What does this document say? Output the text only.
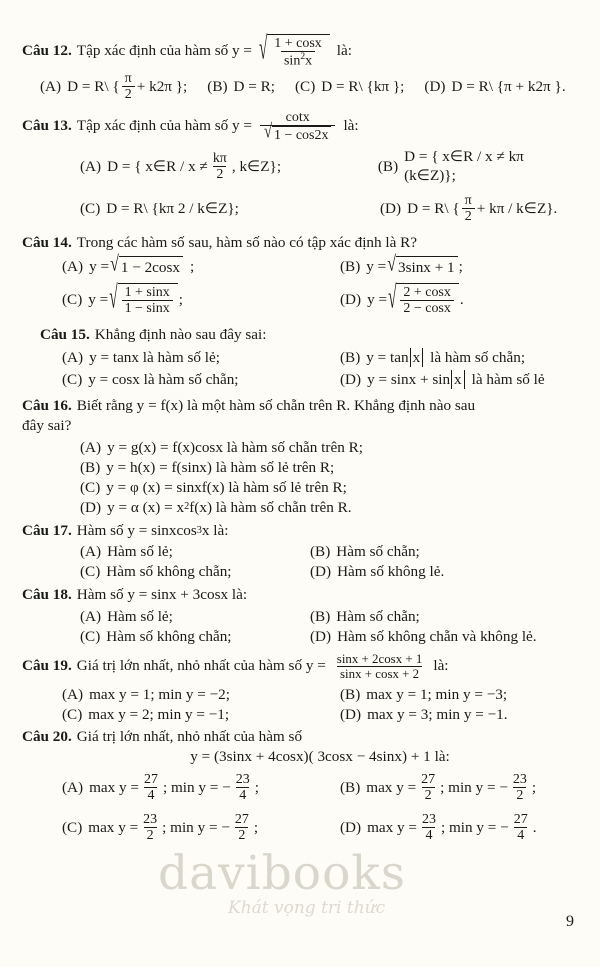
Câu 12. Tập xác định của hàm số y = √ $\frac{1 + \cos x}{\sin^2x}$ là:
(A) D = R\ { $\frac{\pi}{2} + k2\pi$ }; (B) D = R; (C) D = R\ {kπ }; (D) D = R\ {π + k2π }.
Câu 13. Tập xác định của hàm số $y = \frac{\cot x}{√ 1 - \cos 2x}$ là:
(A) D = { x∈R / $x \ne \frac{k\pi}{2}$ , k∈Z};	(B)
D = { x∈R / x ≠ kπ (k∈Z)};
(C) D = R\ {kπ 2 / k∈Z};	(D) D = R\ { $\frac{\pi}{2} + k\pi$ / k∈Z}.
Câu 14. Trong các hàm số sau, hàm số nào có tập xác định là R?
(A) y = √ 1 − 2cosx ;	(B) y = √ 3sinx + 1 ;
(C) y = √ $\frac{1 + \sin x}{1 - \sin x}$ ;	(D) y = √ $\frac{2 + \cos x}{2 - \cos x}$ .
Câu 15. Khẳng định nào sau đây sai:
(A) y = tanx là hàm số lẻ;	(B) y = tan x là hàm số chẵn;
(C) y = cosx là hàm số chẵn;	(D) y = sinx + sin x là hàm số lẻ
Câu 16. Biết rằng y = f(x) là một hàm số chẵn trên R. Khẳng định nào sau
đây sai?
(A) y = g(x) = f(x)cosx là hàm số chẵn trên R;
(B) y = h(x) = f(sinx) là hàm số lẻ trên R;
(C) y = φ (x) = sinxf(x) là hàm số lẻ trên R;
(D) y = α (x) = x 2 f(x) là hàm số chẵn trên R.
Câu 17. Hàm số y = sinxcos 3 x là:
(A) Hàm số lẻ;	(B) Hàm số chẵn;
(C) Hàm số không chẵn;	(D) Hàm số không lẻ.
Câu 18. Hàm số y = sinx + 3cosx là:
(A) Hàm số lẻ;	(B) Hàm số chẵn;
(C) Hàm số không chẵn;	(D) Hàm số không chẵn và không lẻ.
Câu 19. Giá trị lớn nhất, nhỏ nhất của hàm số $y = \frac{\sin x + 2\cos x + 1}{\sin x + \cos x + 2}$ là:
(A) max y = 1; min y = −2;	(B) max y = 1; min y = −3;
(C) max y = 2; min y = −1;	(D) max y = 3; min y = −1.
Câu 20. Giá trị lớn nhất, nhỏ nhất của hàm số
y = (3sinx + 4cosx)( 3cosx − 4sinx) + 1 là:
(A) $\max y = \frac{27}{4}$ ; min y = − $\frac{23}{4}$ ;	(B) $\max y = \frac{27}{2}$ ; min y = − $\frac{23}{2}$ ;
(C) $\max y = \frac{23}{2}$ ; min y = − $\frac{27}{2}$ ;	(D) $\max y = \frac{23}{4}$ ; min y = − $\frac{27}{4}$ .
davibooks
Khát vọng tri thức
9
